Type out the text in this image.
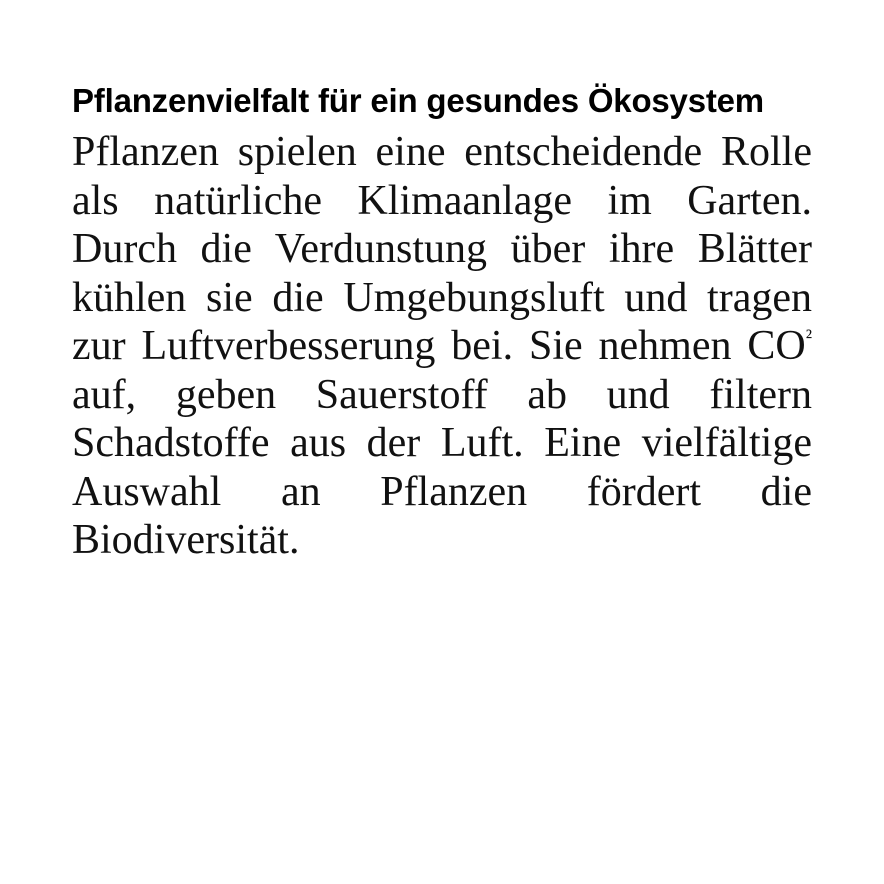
Pflanzenvielfalt für ein gesundes Ökosystem

Pflanzen spielen eine entscheidende Rolle als natürliche Klimaanlage im Garten. Durch die Verdunstung über ihre Blätter kühlen sie die Umgebungsluft und tragen zur Luftverbesserung bei. Sie nehmen $CO^{^2}$ auf, geben Sauerstoff ab und filtern Schadstoffe aus der Luft. Eine vielfältige Auswahl an Pflanzen fördert die Biodiversität.
